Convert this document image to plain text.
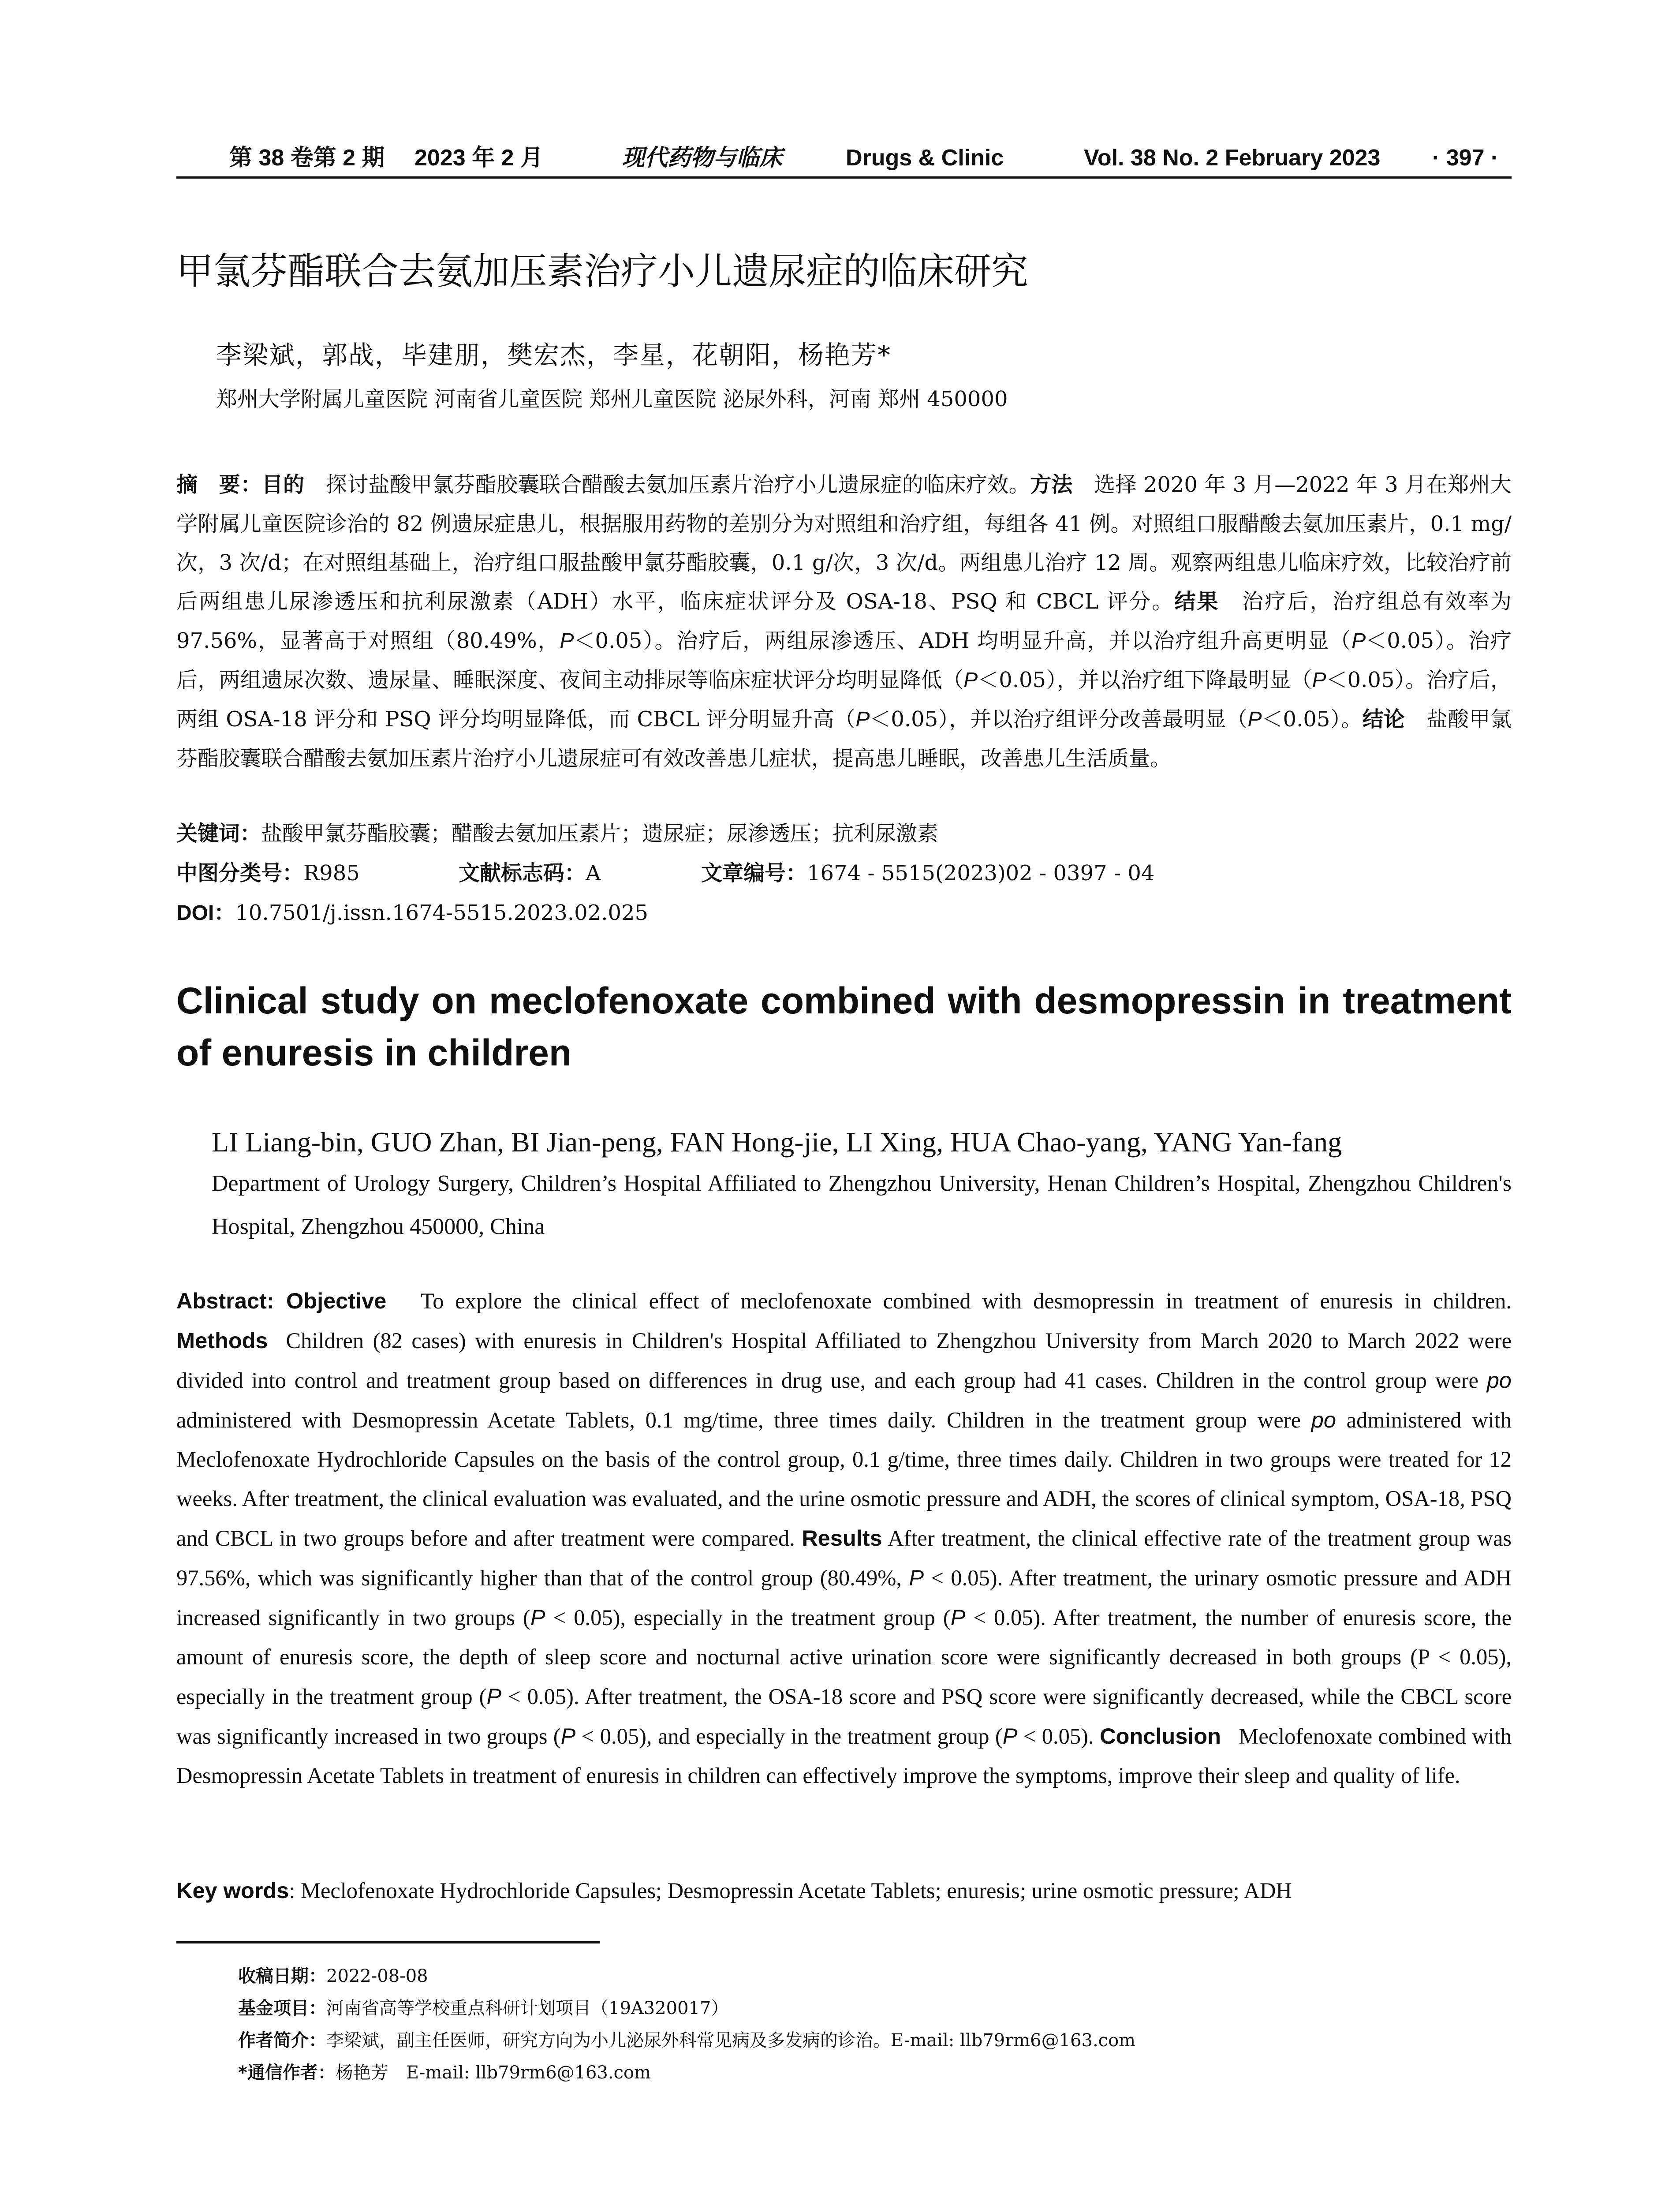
第 38 卷第 2 期 2023 年 2 月	现代药物与临床	Drugs & Clinic	Vol. 38 No. 2 February 2023 · 397 ·
甲氯芬酯联合去氨加压素治疗小儿遗尿症的临床研究
李梁斌，郭战，毕建朋，樊宏杰，李星，花朝阳，杨艳芳*
郑州大学附属儿童医院 河南省儿童医院 郑州儿童医院 泌尿外科，河南 郑州 450000
摘　要：目的　 探讨盐酸甲氯芬酯胶囊联合醋酸去氨加压素片治疗小儿遗尿症的临床疗效。方法　 选择 2020 年 3 月—2022 年 3 月在郑州大学附属儿童医院诊治的 82 例遗尿症患儿，根据服用药物的差别分为对照组和治疗组，每组各 41 例。对照组口服醋酸去氨加压素片，0.1 mg/次，3 次/d；在对照组基础上，治疗组口服盐酸甲氯芬酯胶囊，0.1 g/次，3 次/d。两组患儿治疗 12 周。观察两组患儿临床疗效，比较治疗前后两组患儿尿渗透压和抗利尿激素（ADH）水平，临床症状评分及 OSA-18、PSQ 和 CBCL 评分。结果　 治疗后，治疗组总有效率为 97.56%，显著高于对照组（80.49%，P＜0.05）。治疗后，两组尿渗透压、ADH 均明显升高，并以治疗组升高更明显（P＜0.05）。治疗后，两组遗尿次数、遗尿量、睡眠深度、夜间主动排尿等临床症状评分均明显降低（P＜0.05），并以治疗组下降最明显（P＜0.05）。治疗后，两组 OSA-18 评分和 PSQ 评分均明显降低，而 CBCL 评分明显升高（P＜0.05），并以治疗组评分改善最明显（P＜0.05）。结论　 盐酸甲氯芬酯胶囊联合醋酸去氨加压素片治疗小儿遗尿症可有效改善患儿症状，提高患儿睡眠，改善患儿生活质量。
关键词：盐酸甲氯芬酯胶囊；醋酸去氨加压素片；遗尿症；尿渗透压；抗利尿激素
中图分类号：R985	文献标志码：A	文章编号：1674 - 5515(2023)02 - 0397 - 04
DOI：10.7501/j.issn.1674-5515.2023.02.025
Clinical study on meclofenoxate combined with desmopressin in treatment of enuresis in children
LI Liang-bin, GUO Zhan, BI Jian-peng, FAN Hong-jie, LI Xing, HUA Chao-yang, YANG Yan-fang
Department of Urology Surgery, Children’s Hospital Affiliated to Zhengzhou University, Henan Children’s Hospital, Zhengzhou Children's Hospital, Zhengzhou 450000, China
Abstract: Objective To explore the clinical effect of meclofenoxate combined with desmopressin in treatment of enuresis in children. Methods Children (82 cases) with enuresis in Children's Hospital Affiliated to Zhengzhou University from March 2020 to March 2022 were divided into control and treatment group based on differences in drug use, and each group had 41 cases. Children in the control group were po administered with Desmopressin Acetate Tablets, 0.1 mg/time, three times daily. Children in the treatment group were po administered with Meclofenoxate Hydrochloride Capsules on the basis of the control group, 0.1 g/time, three times daily. Children in two groups were treated for 12 weeks. After treatment, the clinical evaluation was evaluated, and the urine osmotic pressure and ADH, the scores of clinical symptom, OSA-18, PSQ and CBCL in two groups before and after treatment were compared. Results After treatment, the clinical effective rate of the treatment group was 97.56%, which was significantly higher than that of the control group (80.49%, P < 0.05). After treatment, the urinary osmotic pressure and ADH increased significantly in two groups (P < 0.05), especially in the treatment group (P < 0.05). After treatment, the number of enuresis score, the amount of enuresis score, the depth of sleep score and nocturnal active urination score were significantly decreased in both groups (P < 0.05), especially in the treatment group (P < 0.05). After treatment, the OSA-18 score and PSQ score were significantly decreased, while the CBCL score was significantly increased in two groups (P < 0.05), and especially in the treatment group (P < 0.05). Conclusion Meclofenoxate combined with Desmopressin Acetate Tablets in treatment of enuresis in children can effectively improve the symptoms, improve their sleep and quality of life.
Key words: Meclofenoxate Hydrochloride Capsules; Desmopressin Acetate Tablets; enuresis; urine osmotic pressure; ADH
收稿日期：2022-08-08
基金项目：河南省高等学校重点科研计划项目（19A320017）
作者简介：李梁斌，副主任医师，研究方向为小儿泌尿外科常见病及多发病的诊治。E-mail: llb79rm6@163.com
*通信作者：杨艳芳　E-mail: llb79rm6@163.com
